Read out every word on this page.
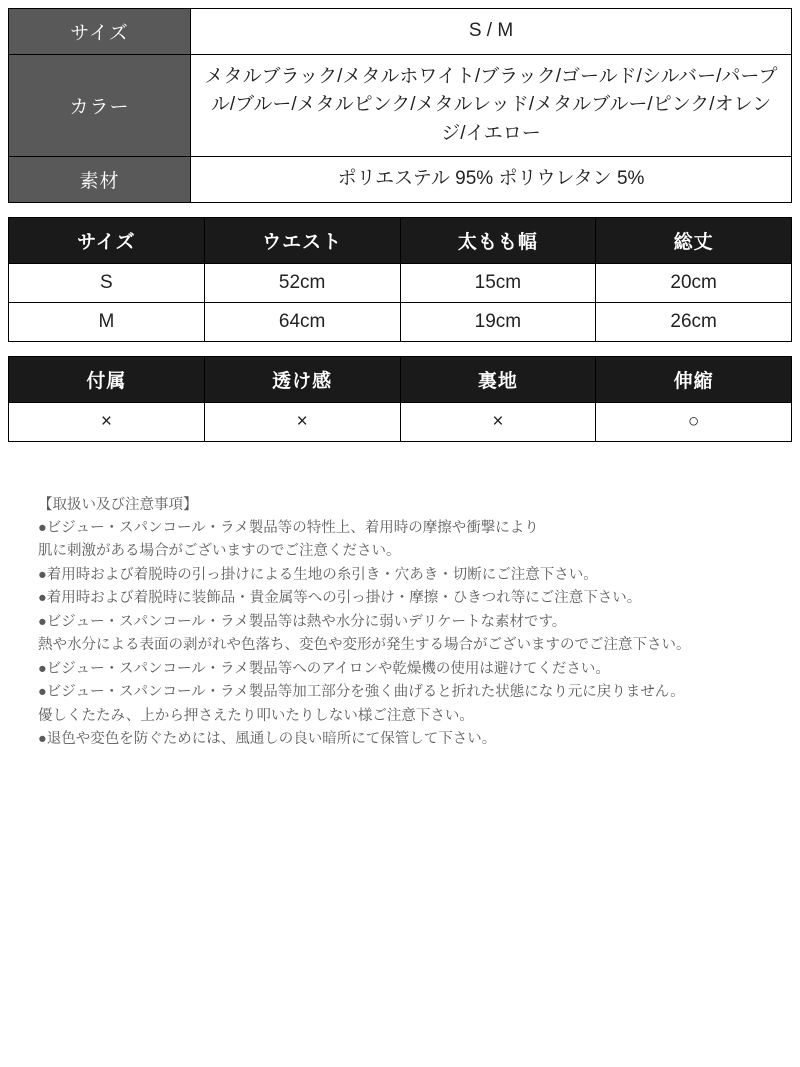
サイズ	S / M
カラー	メタルブラック/メタルホワイト/ブラック/ゴールド/シルバー/パープル/ブルー/メタルピンク/メタルレッド/メタルブルー/ピンク/オレンジ/イエロー
素材	ポリエステル 95% ポリウレタン 5%
サイズ	ウエスト	太もも幅	総丈
S	52cm	15cm	20cm
M	64cm	19cm	26cm
付属	透け感	裏地	伸縮
×	×	×	○
【取扱い及び注意事項】
●ビジュー・スパンコール・ラメ製品等の特性上、着用時の摩擦や衝撃により
肌に刺激がある場合がございますのでご注意ください。
●着用時および着脱時の引っ掛けによる生地の糸引き・穴あき・切断にご注意下さい。
●着用時および着脱時に装飾品・貴金属等への引っ掛け・摩擦・ひきつれ等にご注意下さい。
●ビジュー・スパンコール・ラメ製品等は熱や水分に弱いデリケートな素材です。
熱や水分による表面の剥がれや色落ち、変色や変形が発生する場合がございますのでご注意下さい。
●ビジュー・スパンコール・ラメ製品等へのアイロンや乾燥機の使用は避けてください。
●ビジュー・スパンコール・ラメ製品等加工部分を強く曲げると折れた状態になり元に戻りません。
優しくたたみ、上から押さえたり叩いたりしない様ご注意下さい。
●退色や変色を防ぐためには、風通しの良い暗所にて保管して下さい。
